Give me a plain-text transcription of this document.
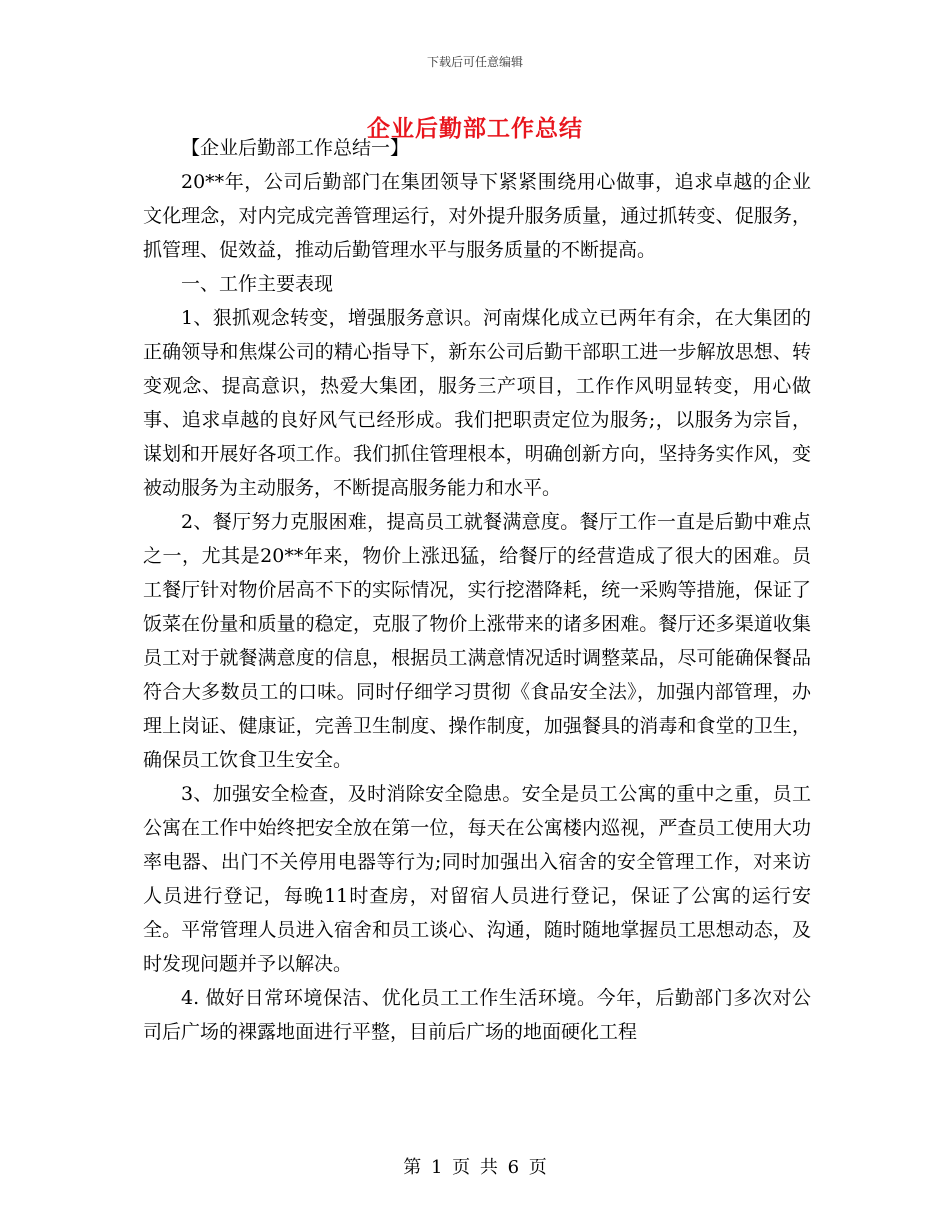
下载后可任意编辑
企业后勤部工作总结
【企业后勤部工作总结一】

20**年，公司后勤部门在集团领导下紧紧围绕用心做事，追求卓越的企业文化理念，对内完成完善管理运行，对外提升服务质量，通过抓转变、促服务，抓管理、促效益，推动后勤管理水平与服务质量的不断提高。

一、工作主要表现

1、狠抓观念转变，增强服务意识。河南煤化成立已两年有余，在大集团的正确领导和焦煤公司的精心指导下，新东公司后勤干部职工进一步解放思想、转变观念、提高意识，热爱大集团，服务三产项目，工作作风明显转变，用心做事、追求卓越的良好风气已经形成。我们把职责定位为服务;，以服务为宗旨，谋划和开展好各项工作。我们抓住管理根本，明确创新方向，坚持务实作风，变被动服务为主动服务，不断提高服务能力和水平。

2、餐厅努力克服困难，提高员工就餐满意度。餐厅工作一直是后勤中难点之一，尤其是20**年来，物价上涨迅猛，给餐厅的经营造成了很大的困难。员工餐厅针对物价居高不下的实际情况，实行挖潜降耗，统一采购等措施，保证了饭菜在份量和质量的稳定，克服了物价上涨带来的诸多困难。餐厅还多渠道收集员工对于就餐满意度的信息，根据员工满意情况适时调整菜品，尽可能确保餐品符合大多数员工的口味。同时仔细学习贯彻《食品安全法》，加强内部管理，办理上岗证、健康证，完善卫生制度、操作制度，加强餐具的消毒和食堂的卫生，确保员工饮食卫生安全。

3、加强安全检查，及时消除安全隐患。安全是员工公寓的重中之重，员工公寓在工作中始终把安全放在第一位，每天在公寓楼内巡视，严查员工使用大功率电器、出门不关停用电器等行为;同时加强出入宿舍的安全管理工作，对来访人员进行登记，每晚11时查房，对留宿人员进行登记，保证了公寓的运行安全。平常管理人员进入宿舍和员工谈心、沟通，随时随地掌握员工思想动态，及时发现问题并予以解决。

4. 做好日常环境保洁、优化员工工作生活环境。今年，后勤部门多次对公司后广场的裸露地面进行平整，目前后广场的地面硬化工程

第 1 页 共 6 页
